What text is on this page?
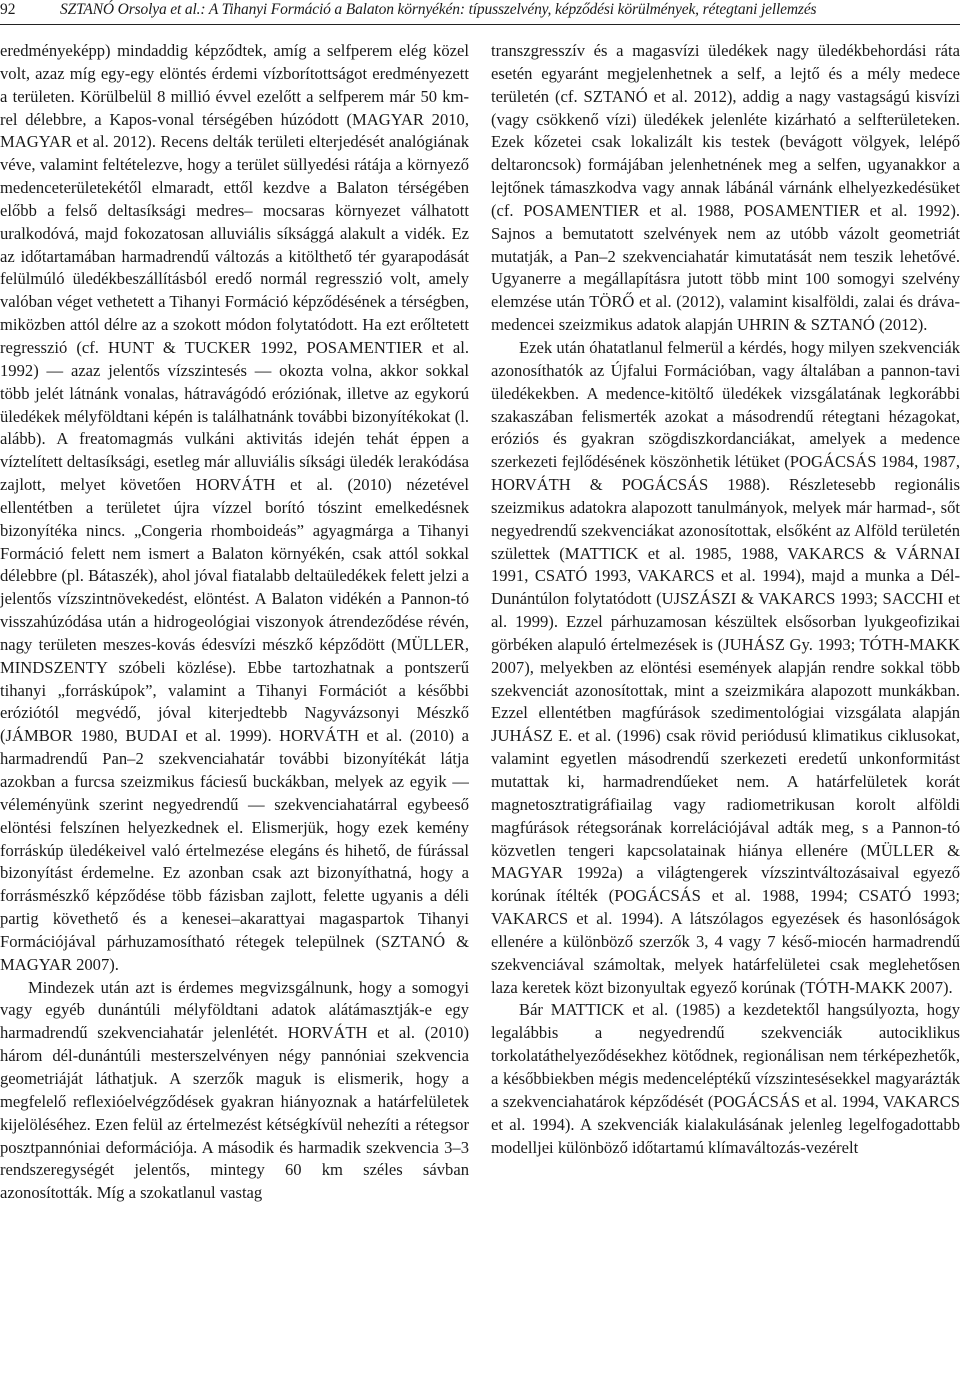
92	SZTANÓ Orsolya et al.: A Tihanyi Formáció a Balaton környékén: típusszelvény, képződési körülmények, rétegtani jellemzés

eredményeképp) mindaddig képződtek, amíg a selfperem elég közel volt, azaz míg egy-egy elöntés érdemi vízborítottságot eredményezett a területen. Körülbelül 8 millió évvel ezelőtt a selfperem már 50 km-rel délebbre, a Kapos-vonal térségében húzódott (MAGYAR 2010, MAGYAR et al. 2012). Recens delták területi elterjedését analógiának véve, valamint feltételezve, hogy a terület süllyedési rátája a környező medenceterületekétől elmaradt, ettől kezdve a Balaton térségében előbb a felső deltasíksági medres– mocsaras környezet válhatott uralkodóvá, majd fokozatosan alluviális síksággá alakult a vidék. Ez az időtartamában harmadrendű változás a kitölthető tér gyarapodását felülmúló üledékbeszállításból eredő normál regresszió volt, amely valóban véget vethetett a Tihanyi Formáció képződésének a térségben, miközben attól délre az a szokott módon folytatódott. Ha ezt erőltetett regresszió (cf. HUNT & TUCKER 1992, POSAMENTIER et al. 1992) — azaz jelentős vízszintesés — okozta volna, akkor sokkal több jelét látnánk vonalas, hátravágódó eróziónak, illetve az egykorú üledékek mélyföldtani képén is találhatnánk további bizonyítékokat (l. alább). A freatomagmás vulkáni aktivitás idején tehát éppen a víztelített deltasíksági, esetleg már alluviális síksági üledék lerakódása zajlott, melyet követően HORVÁTH et al. (2010) nézetével ellentétben a területet újra vízzel borító tószint emelkedésnek bizonyítéka nincs. „Congeria rhomboideás” agyagmárga a Tihanyi Formáció felett nem ismert a Balaton környékén, csak attól sokkal délebbre (pl. Bátaszék), ahol jóval fiatalabb deltaüledékek felett jelzi a jelentős vízszintnövekedést, elöntést. A Balaton vidékén a Pannon-tó visszahúzódása után a hidrogeológiai viszonyok átrendeződése révén, nagy területen meszes-kovás édesvízi mészkő képződött (MÜLLER, MINDSZENTY szóbeli közlése). Ebbe tartozhatnak a pontszerű tihanyi „forráskúpok”, valamint a Tihanyi Formációt a későbbi eróziótól megvédő, jóval kiterjedtebb Nagyvázsonyi Mészkő (JÁMBOR 1980, BUDAI et al. 1999). HORVÁTH et al. (2010) a harmadrendű Pan–2 szekvenciahatár további bizonyítékát látja azokban a furcsa szeizmikus fáciesű buckákban, melyek az egyik — véleményünk szerint negyedrendű — szekvenciahatárral egybeeső elöntési felszínen helyezkednek el. Elismerjük, hogy ezek kemény forráskúp üledékeivel való értelmezése elegáns és hihető, de fúrással bizonyítást érdemelne. Ez azonban csak azt bizonyíthatná, hogy a forrásmészkő képződése több fázisban zajlott, felette ugyanis a déli partig követhető és a kenesei–akarattyai magaspartok Tihanyi Formációjával párhuzamosítható rétegek települnek (SZTANÓ & MAGYAR 2007).

Mindezek után azt is érdemes megvizsgálnunk, hogy a somogyi vagy egyéb dunántúli mélyföldtani adatok alátámasztják-e egy harmadrendű szekvenciahatár jelenlétét. HORVÁTH et al. (2010) három dél-dunántúli mesterszelvényen négy pannóniai szekvencia geometriáját láthatjuk. A szerzők maguk is elismerik, hogy a megfelelő reflexióelvégződések gyakran hiányoznak a határfelületek kijelöléséhez. Ezen felül az értelmezést kétségkívül nehezíti a rétegsor posztpannóniai deformációja. A második és harmadik szekvencia 3–3 rendszeregységét jelentős, mintegy 60 km széles sávban azonosították. Míg a szokatlanul vastag

transzgresszív és a magasvízi üledékek nagy üledékbehordási ráta esetén egyaránt megjelenhetnek a self, a lejtő és a mély medece területén (cf. SZTANÓ et al. 2012), addig a nagy vastagságú kisvízi (vagy csökkenő vízi) üledékek jelenléte kizárható a selfterületeken. Ezek kőzetei csak lokalizált kis testek (bevágott völgyek, lelépő deltaroncsok) formájában jelenhetnének meg a selfen, ugyanakkor a lejtőnek támaszkodva vagy annak lábánál várnánk elhelyezkedésüket (cf. POSAMENTIER et al. 1988, POSAMENTIER et al. 1992). Sajnos a bemutatott szelvények nem az utóbb vázolt geometriát mutatják, a Pan–2 szekvenciahatár kimutatását nem teszik lehetővé. Ugyanerre a megállapításra jutott több mint 100 somogyi szelvény elemzése után TÖRŐ et al. (2012), valamint kisalföldi, zalai és dráva-medencei szeizmikus adatok alapján UHRIN & SZTANÓ (2012).

Ezek után óhatatlanul felmerül a kérdés, hogy milyen szekvenciák azonosíthatók az Újfalui Formációban, vagy általában a pannon-tavi üledékekben. A medence-kitöltő üledékek vizsgálatának legkorábbi szakaszában felismerték azokat a másodrendű rétegtani hézagokat, eróziós és gyakran szögdiszkordanciákat, amelyek a medence szerkezeti fejlődésének köszönhetik létüket (POGÁCSÁS 1984, 1987, HORVÁTH & POGÁCSÁS 1988). Részletesebb regionális szeizmikus adatokra alapozott tanulmányok, melyek már harmad-, sőt negyedrendű szekvenciákat azonosítottak, elsőként az Alföld területén születtek (MATTICK et al. 1985, 1988, VAKARCS & VÁRNAI 1991, CSATÓ 1993, VAKARCS et al. 1994), majd a munka a Dél-Dunántúlon folytatódott (UJSZÁSZI & VAKARCS 1993; SACCHI et al. 1999). Ezzel párhuzamosan készültek elsősorban lyukgeofizikai görbéken alapuló értelmezések is (JUHÁSZ Gy. 1993; TÓTH-MAKK 2007), melyekben az elöntési események alapján rendre sokkal több szekvenciát azonosítottak, mint a szeizmikára alapozott munkákban. Ezzel ellentétben magfúrások szedimentológiai vizsgálata alapján JUHÁSZ E. et al. (1996) csak rövid periódusú klimatikus ciklusokat, valamint egyetlen másodrendű szerkezeti eredetű unkonformitást mutattak ki, harmadrendűeket nem. A határfelületek korát magnetosztratigráfiailag vagy radiometrikusan korolt alföldi magfúrások rétegsorának korrelációjával adták meg, s a Pannon-tó közvetlen tengeri kapcsolatainak hiánya ellenére (MÜLLER & MAGYAR 1992a) a világtengerek vízszintváltozásaival egyező korúnak ítélték (POGÁCSÁS et al. 1988, 1994; CSATÓ 1993; VAKARCS et al. 1994). A látszólagos egyezések és hasonlóságok ellenére a különböző szerzők 3, 4 vagy 7 késő-miocén harmadrendű szekvenciával számoltak, melyek határfelületei csak meglehetősen laza keretek közt bizonyultak egyező korúnak (TÓTH-MAKK 2007).

Bár MATTICK et al. (1985) a kezdetektől hangsúlyozta, hogy legalábbis a negyedrendű szekvenciák autociklikus torkolatáthelyeződésekhez kötődnek, regionálisan nem térképezhetők, a későbbiekben mégis medenceléptékű vízszintesésekkel magyarázták a szekvenciahatárok képződését (POGÁCSÁS et al. 1994, VAKARCS et al. 1994). A szekvenciák kialakulásának jelenleg legelfogadottabb modelljei különböző időtartamú klímaváltozás-vezérelt
